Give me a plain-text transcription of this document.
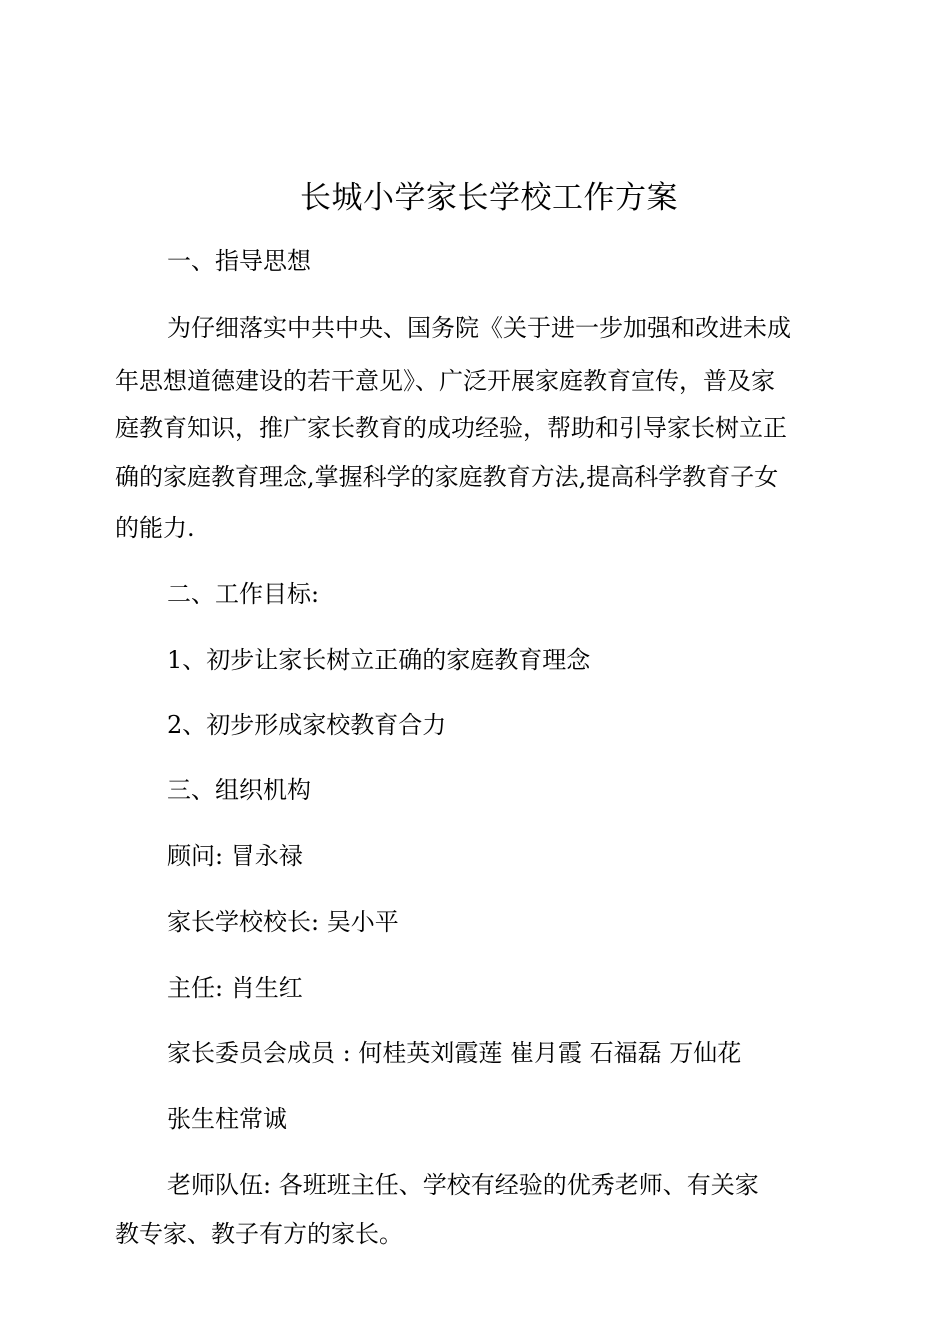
长城小学家长学校工作方案
一、指导思想
为仔细落实中共中央、国务院《关于进一步加强和改进未成
年思想道德建设的若干意见》、广泛开展家庭教育宣传，普及家
庭教育知识，推广家长教育的成功经验，帮助和引导家长树立正
确的家庭教育理念,掌握科学的家庭教育方法,提高科学教育子女
的能力.
二、工作目标:
1、初步让家长树立正确的家庭教育理念
2、初步形成家校教育合力
三、组织机构
顾问: 冒永禄
家长学校校长: 吴小平
主任: 肖生红
家长委员会成员 : 何桂英刘霞莲 崔月霞 石福磊 万仙花
张生柱常诚
老师队伍: 各班班主任、学校有经验的优秀老师、有关家
教专家、教子有方的家长。
